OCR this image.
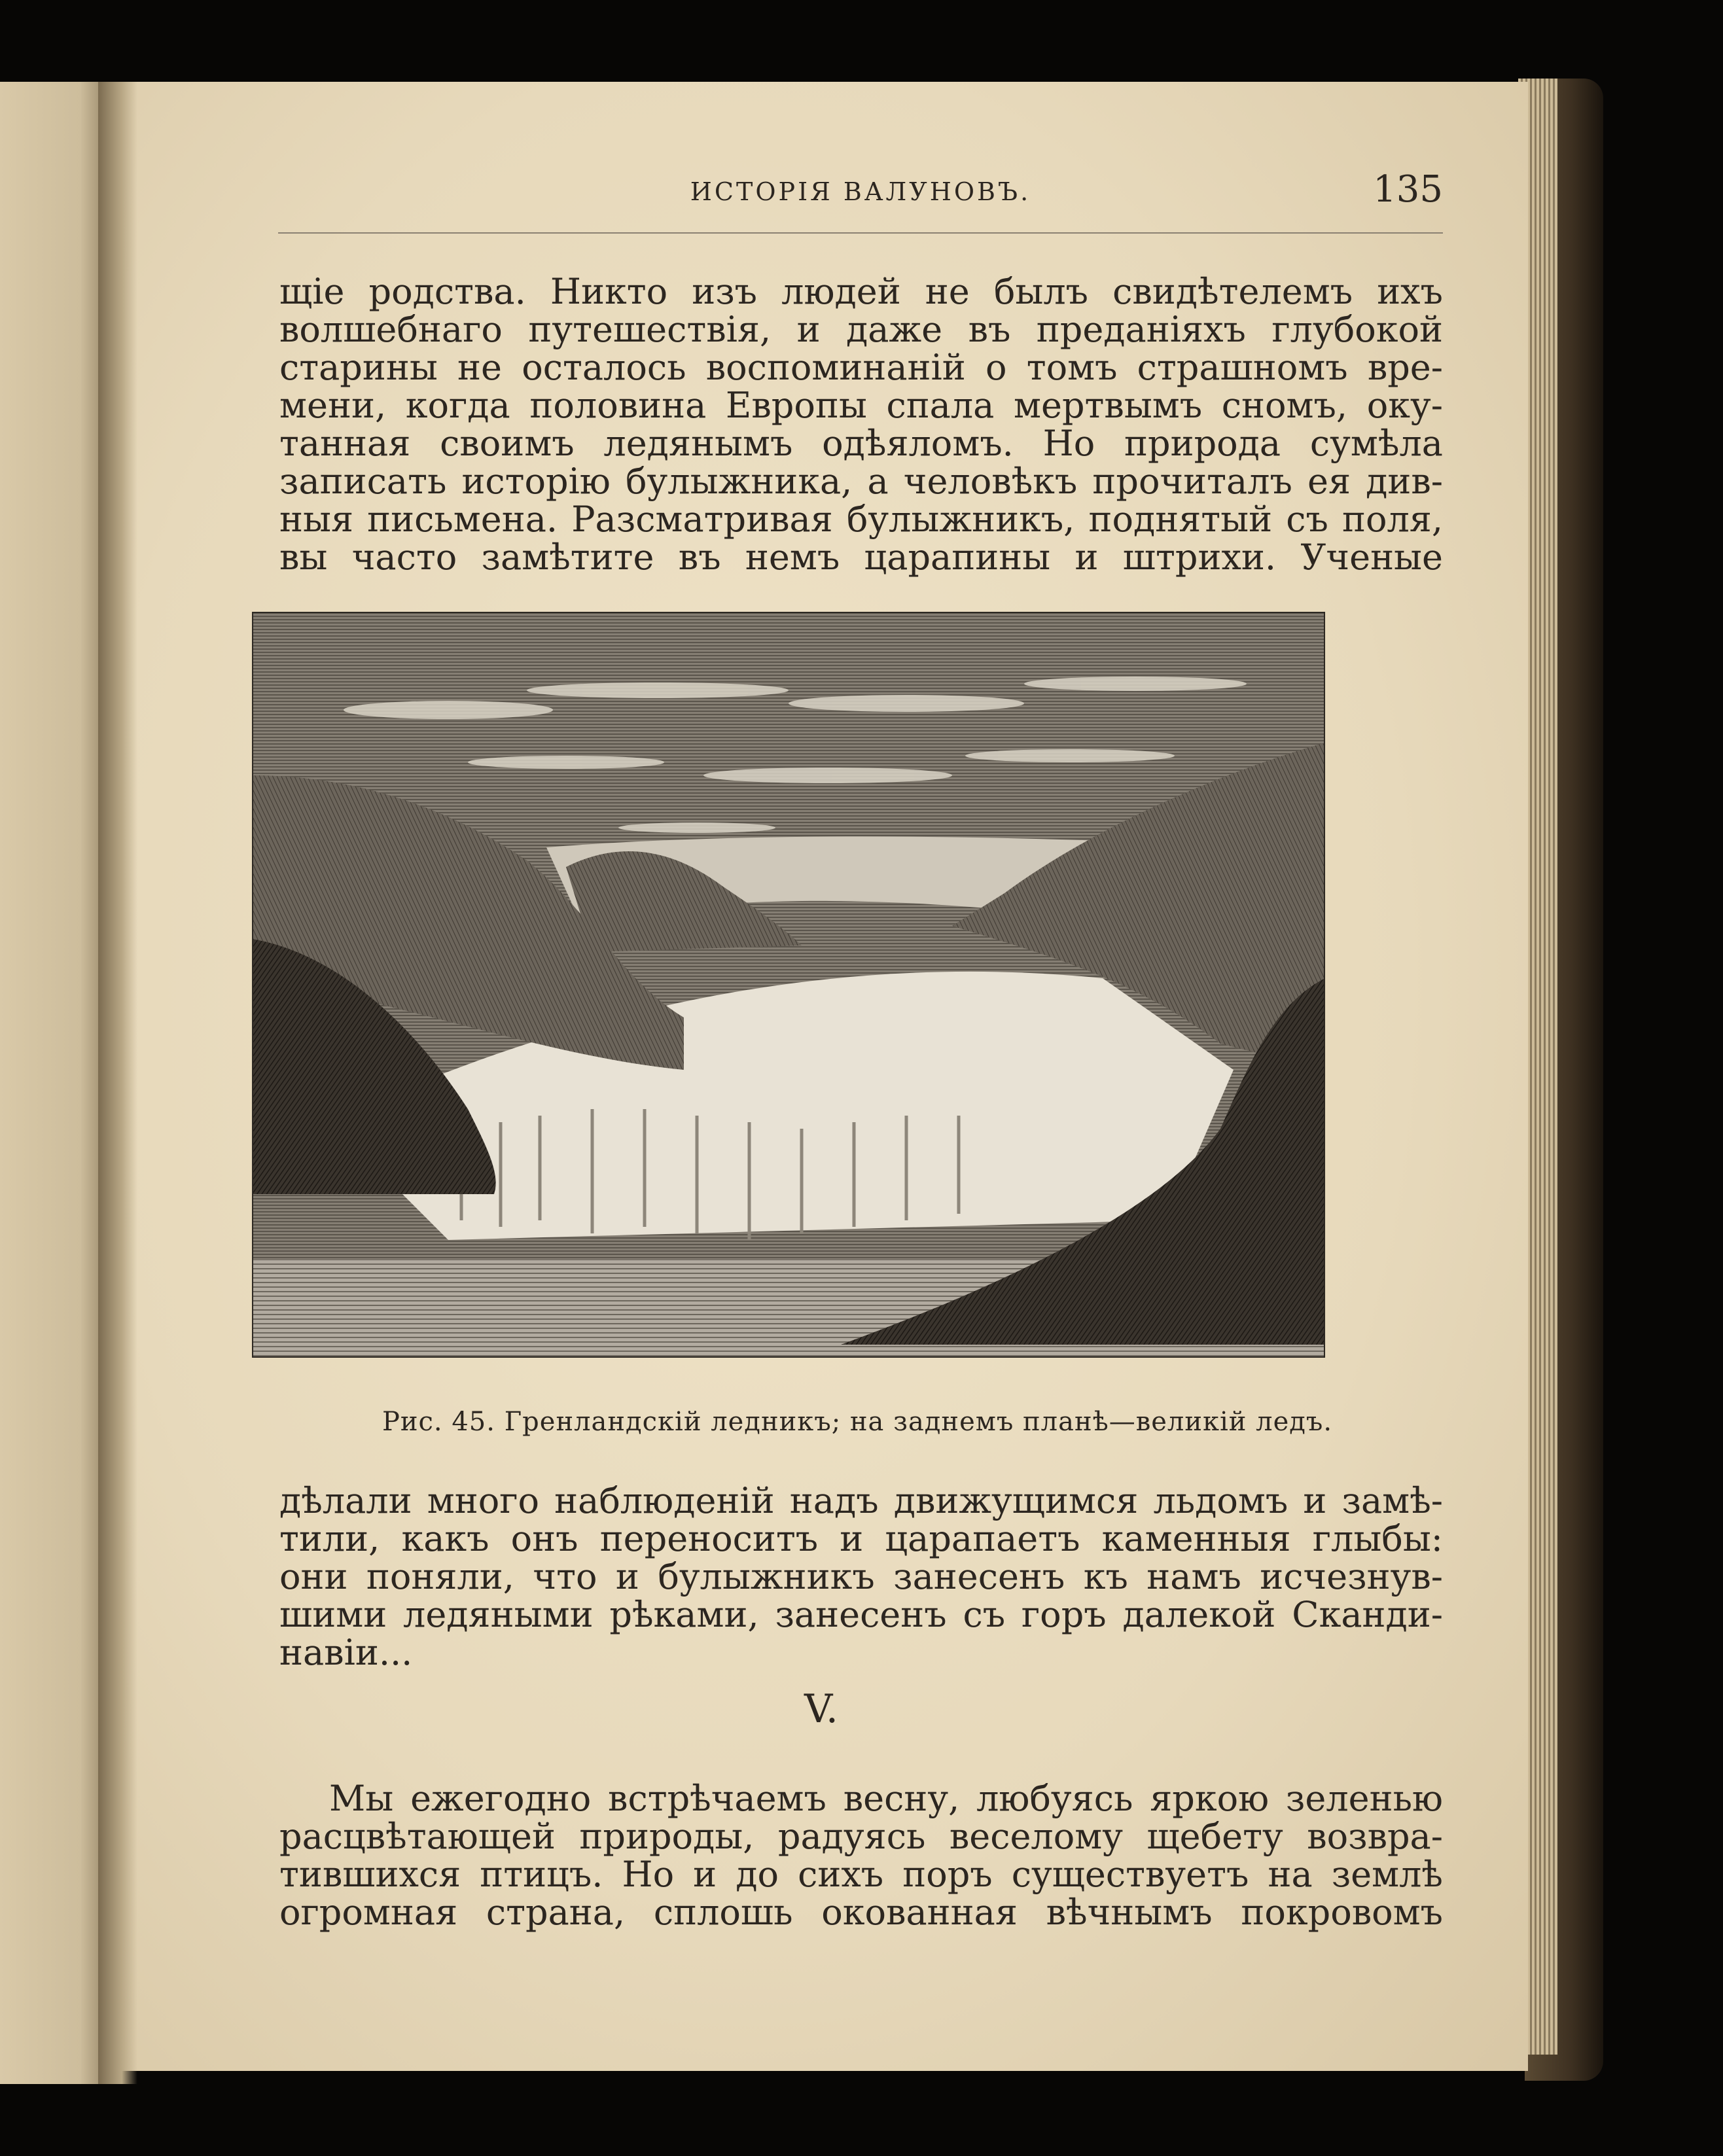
ИСТОРІЯ ВАЛУНОВЪ.	135

щіе родства. Никто изъ людей не былъ свидѣтелемъ ихъ волшебнаго путешествія, и даже въ преданіяхъ глубокой старины не осталось воспоминаній о томъ страшномъ вре-мени, когда половина Европы спала мертвымъ сномъ, оку-танная своимъ ледянымъ одѣяломъ. Но природа сумѣла записать исторію булыжника, а человѣкъ прочиталъ ея див-ныя письмена. Разсматривая булыжникъ, поднятый съ поля, вы часто замѣтите въ немъ царапины и штрихи. Ученые

Рис. 45. Гренландскій ледникъ; на заднемъ планѣ—великій ледъ.

дѣлали много наблюденій надъ движущимся льдомъ и замѣ-тили, какъ онъ переноситъ и царапаетъ каменныя глыбы: они поняли, что и булыжникъ занесенъ къ намъ исчезнув-шими ледяными рѣками, занесенъ съ горъ далекой Сканди-навіи...

V.

Мы ежегодно встрѣчаемъ весну, любуясь яркою зеленью расцвѣтающей природы, радуясь веселому щебету возвра-тившихся птицъ. Но и до сихъ поръ существуетъ на землѣ огромная страна, сплошь окованная вѣчнымъ покровомъ
